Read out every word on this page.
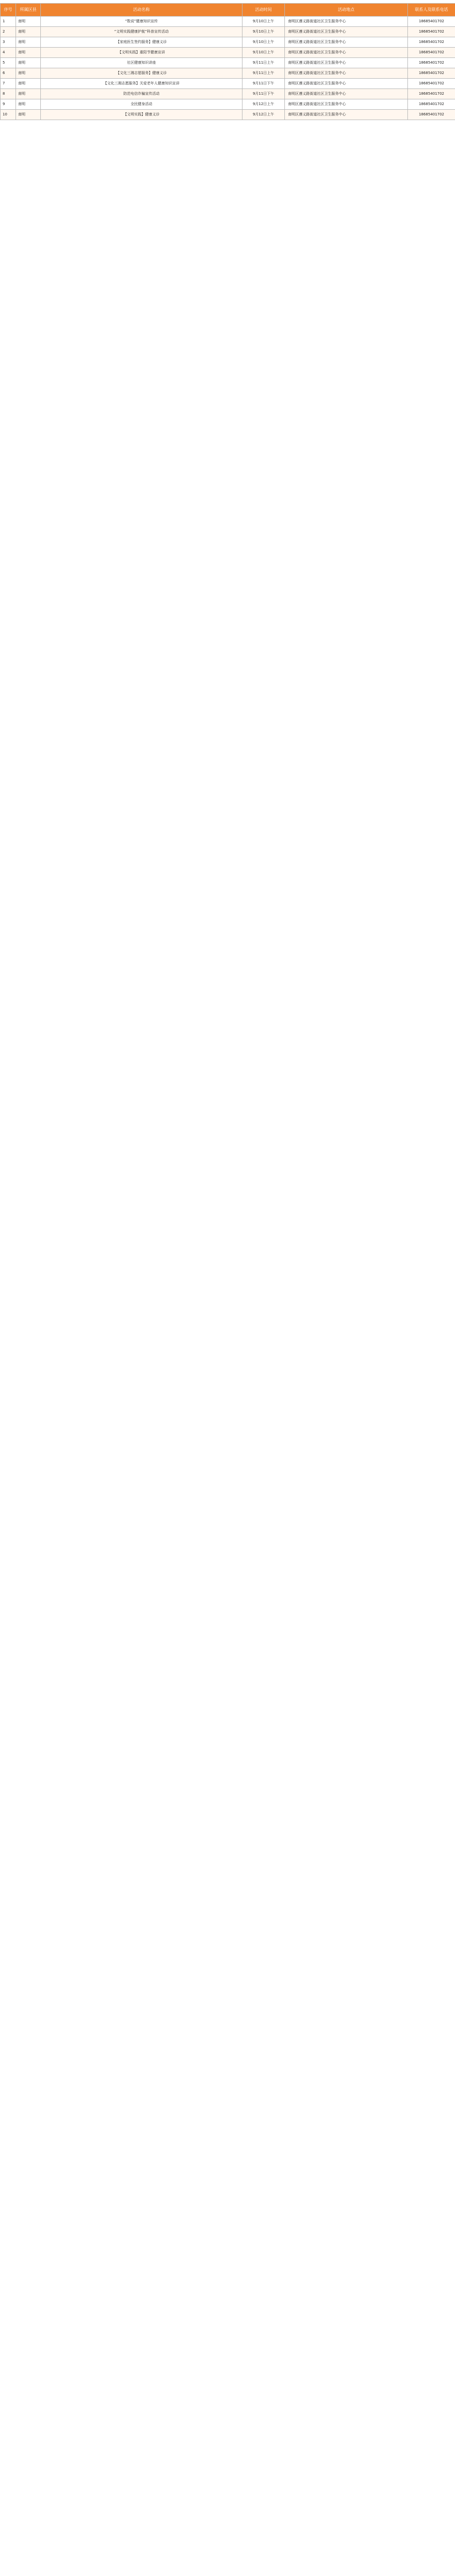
序号	所属区县	活动名称	活动时间	活动地点	联系人及联系电话
1	南明	“数说”健康知识宣传	9月10日上午	南明区遵义路街道社区卫生服务中心	18685401702
2	南明	“文明实践健康护航”科普宣传活动	9月10日上午	南明区遵义路街道社区卫生服务中心	18685401702
3	南明	【家庭医生签约服务】健康义诊	9月10日上午	南明区遵义路街道社区卫生服务中心	18685401702
4	南明	【文明实践】重阳节健康宣讲	9月10日上午	南明区遵义路街道社区卫生服务中心	18685401702
5	南明	社区健康知识讲座	9月11日上午	南明区遵义路街道社区卫生服务中心	18685401702
6	南明	【文化三湘志愿服务】健康义诊	9月11日上午	南明区遵义路街道社区卫生服务中心	18685401702
7	南明	【文化三湘志愿服务】关爱老年人健康知识宣讲	9月11日下午	南明区遵义路街道社区卫生服务中心	18685401702
8	南明	防范电信诈骗宣传活动	9月11日下午	南明区遵义路街道社区卫生服务中心	18685401702
9	南明	全民健身活动	9月12日上午	南明区遵义路街道社区卫生服务中心	18685401702
10	南明	【文明实践】健康义诊	9月12日上午	南明区遵义路街道社区卫生服务中心	18685401702
